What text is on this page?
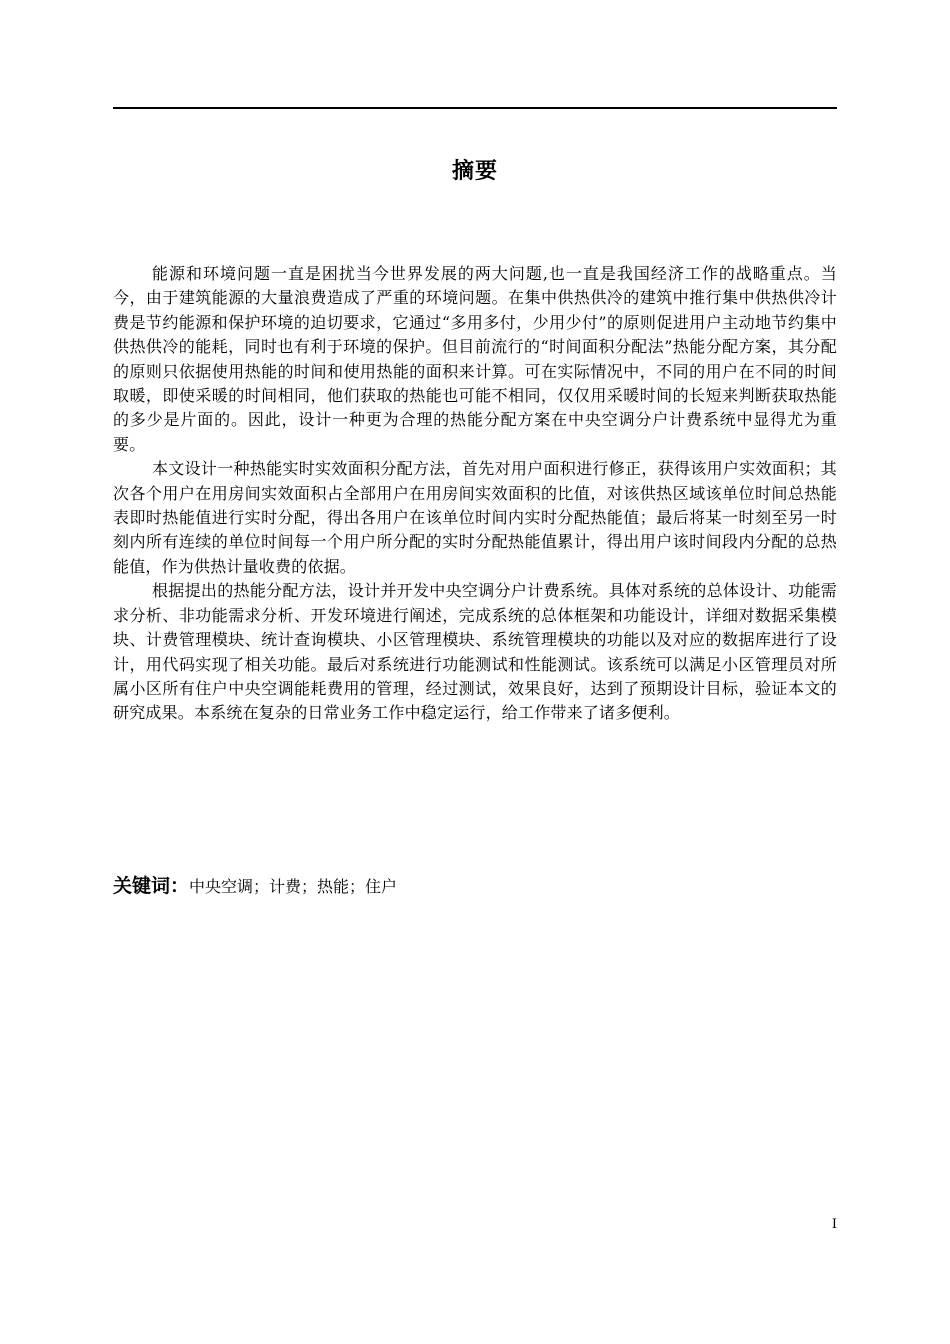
摘要

能源和环境问题一直是困扰当今世界发展的两大问题,也一直是我国经济工作的战略重点。当今，由于建筑能源的大量浪费造成了严重的环境问题。在集中供热供冷的建筑中推行集中供热供冷计费是节约能源和保护环境的迫切要求，它通过“多用多付，少用少付”的原则促进用户主动地节约集中供热供冷的能耗，同时也有利于环境的保护。但目前流行的“时间面积分配法”热能分配方案，其分配的原则只依据使用热能的时间和使用热能的面积来计算。可在实际情况中，不同的用户在不同的时间取暖，即使采暖的时间相同，他们获取的热能也可能不相同，仅仅用采暖时间的长短来判断获取热能的多少是片面的。因此，设计一种更为合理的热能分配方案在中央空调分户计费系统中显得尤为重要。

本文设计一种热能实时实效面积分配方法，首先对用户面积进行修正，获得该用户实效面积；其次各个用户在用房间实效面积占全部用户在用房间实效面积的比值，对该供热区域该单位时间总热能表即时热能值进行实时分配，得出各用户在该单位时间内实时分配热能值；最后将某一时刻至另一时刻内所有连续的单位时间每一个用户所分配的实时分配热能值累计，得出用户该时间段内分配的总热能值，作为供热计量收费的依据。

根据提出的热能分配方法，设计并开发中央空调分户计费系统。具体对系统的总体设计、功能需求分析、非功能需求分析、开发环境进行阐述，完成系统的总体框架和功能设计，详细对数据采集模块、计费管理模块、统计查询模块、小区管理模块、系统管理模块的功能以及对应的数据库进行了设计，用代码实现了相关功能。最后对系统进行功能测试和性能测试。该系统可以满足小区管理员对所属小区所有住户中央空调能耗费用的管理，经过测试，效果良好，达到了预期设计目标，验证本文的研究成果。本系统在复杂的日常业务工作中稳定运行，给工作带来了诸多便利。

关键词：中央空调；计费；热能；住户
I
